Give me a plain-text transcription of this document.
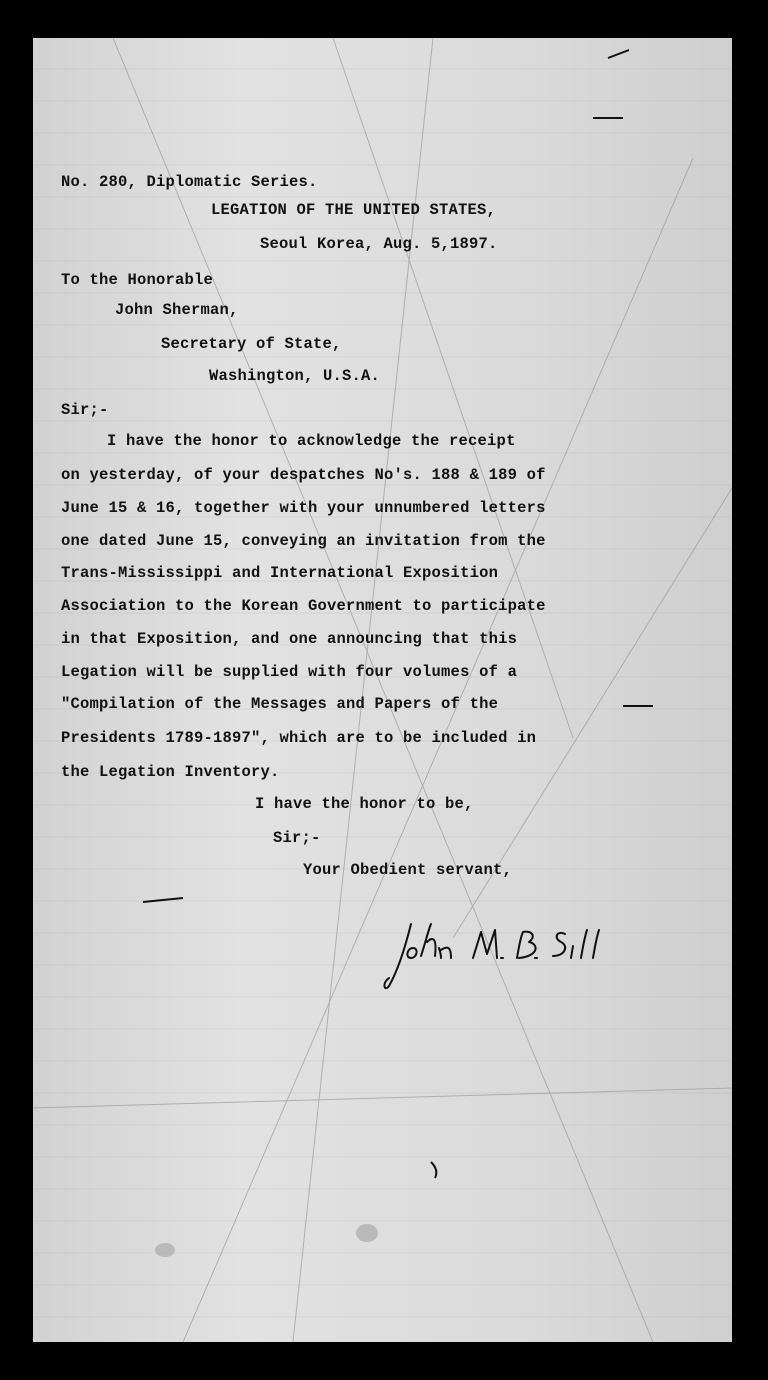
No. 280, Diplomatic Series.
LEGATION OF THE UNITED STATES,
Seoul Korea, Aug. 5,1897.
To the Honorable
John Sherman,
Secretary of State,
Washington, U.S.A.
Sir;-
I have the honor to acknowledge the receipt
on yesterday, of your despatches No's. 188 & 189 of
June 15 & 16, together with your unnumbered letters
one dated June 15, conveying an invitation from the
Trans-Mississippi and International Exposition
Association to the Korean Government to participate
in that Exposition, and one announcing that this
Legation will be supplied with four volumes of a
"Compilation of the Messages and Papers of the
Presidents 1789-1897", which are to be included in
the Legation Inventory.
I have the honor to be,
Sir;-
Your Obedient servant,
